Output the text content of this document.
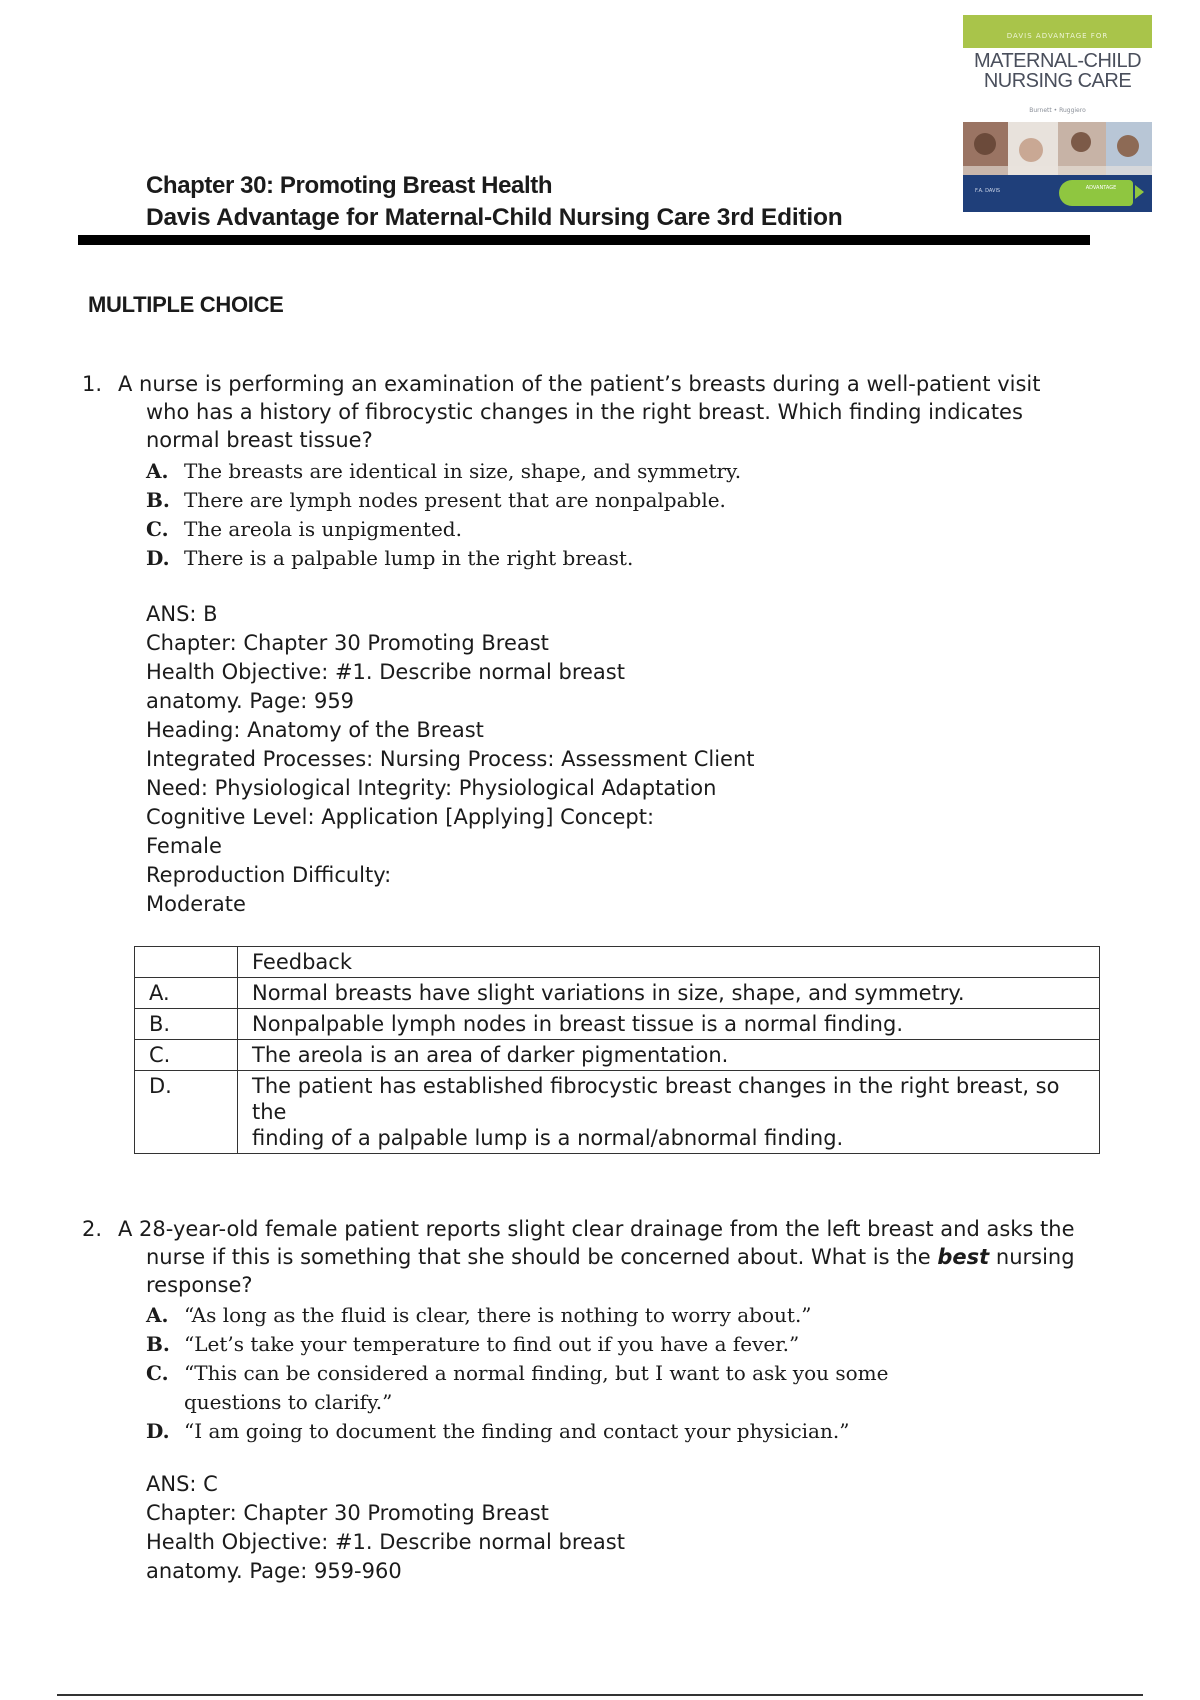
DAVIS ADVANTAGE FOR
MATERNAL-CHILD
NURSING CARE
Burnett • Ruggiero
F.A. DAVIS	ADVANTAGE
Chapter 30: Promoting Breast Health
Davis Advantage for Maternal-Child Nursing Care 3rd Edition
MULTIPLE CHOICE
1. A nurse is performing an examination of the patient’s breasts during a well-patient visit
who has a history of fibrocystic changes in the right breast. Which finding indicates
normal breast tissue?
A. The breasts are identical in size, shape, and symmetry.
B. There are lymph nodes present that are nonpalpable.
C. The areola is unpigmented.
D. There is a palpable lump in the right breast.
ANS: B
Chapter: Chapter 30 Promoting Breast
Health Objective: #1. Describe normal breast
anatomy. Page: 959
Heading: Anatomy of the Breast
Integrated Processes: Nursing Process: Assessment Client
Need: Physiological Integrity: Physiological Adaptation
Cognitive Level: Application [Applying] Concept:
Female
Reproduction Difficulty:
Moderate
	Feedback
A.	Normal breasts have slight variations in size, shape, and symmetry.
B.	Nonpalpable lymph nodes in breast tissue is a normal finding.
C.	The areola is an area of darker pigmentation.
D.	The patient has established fibrocystic breast changes in the right breast, so the
finding of a palpable lump is a normal/abnormal finding.
2. A 28-year-old female patient reports slight clear drainage from the left breast and asks the
nurse if this is something that she should be concerned about. What is the best nursing
response?
A. “As long as the fluid is clear, there is nothing to worry about.”
B. “Let’s take your temperature to find out if you have a fever.”
C. “This can be considered a normal finding, but I want to ask you some
questions to clarify.”
D. “I am going to document the finding and contact your physician.”
ANS: C
Chapter: Chapter 30 Promoting Breast
Health Objective: #1. Describe normal breast
anatomy. Page: 959-960
